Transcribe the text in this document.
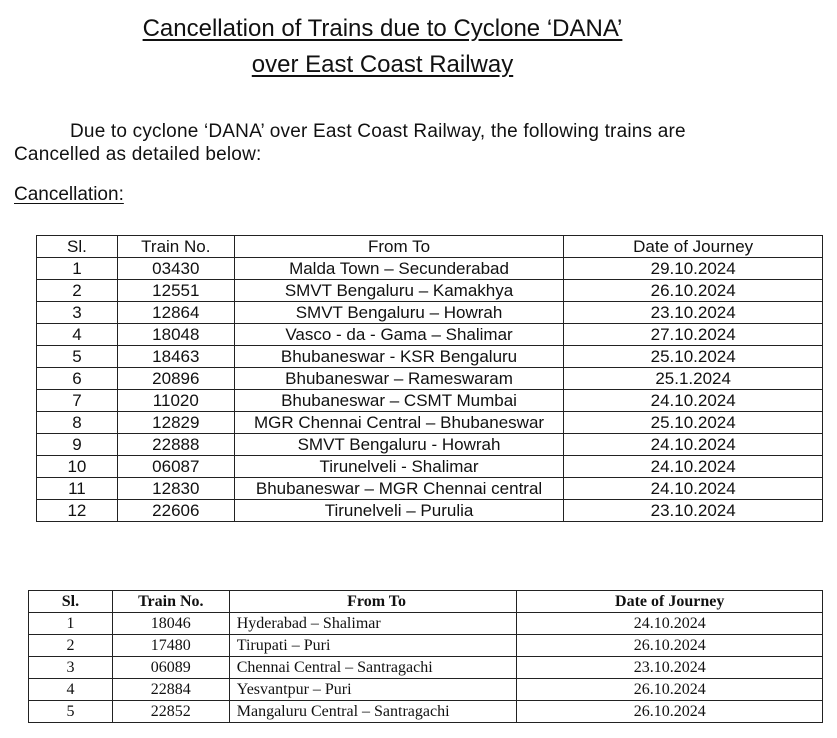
Cancellation of Trains due to Cyclone ‘DANA’
over East Coast Railway
Due to cyclone ‘DANA’ over East Coast Railway, the following trains are
Cancelled as detailed below:
Cancellation:
Sl.	Train No.	From To	Date of Journey
1	03430	Malda Town – Secunderabad	29.10.2024
2	12551	SMVT Bengaluru – Kamakhya	26.10.2024
3	12864	SMVT Bengaluru – Howrah	23.10.2024
4	18048	Vasco - da - Gama – Shalimar	27.10.2024
5	18463	Bhubaneswar - KSR Bengaluru	25.10.2024
6	20896	Bhubaneswar – Rameswaram	25.1.2024
7	11020	Bhubaneswar – CSMT Mumbai	24.10.2024
8	12829	MGR Chennai Central – Bhubaneswar	25.10.2024
9	22888	SMVT Bengaluru - Howrah	24.10.2024
10	06087	Tirunelveli - Shalimar	24.10.2024
11	12830	Bhubaneswar – MGR Chennai central	24.10.2024
12	22606	Tirunelveli – Purulia	23.10.2024
Sl.	Train No.	From To	Date of Journey
1	18046	Hyderabad – Shalimar	24.10.2024
2	17480	Tirupati – Puri	26.10.2024
3	06089	Chennai Central – Santragachi	23.10.2024
4	22884	Yesvantpur – Puri	26.10.2024
5	22852	Mangaluru Central – Santragachi	26.10.2024
